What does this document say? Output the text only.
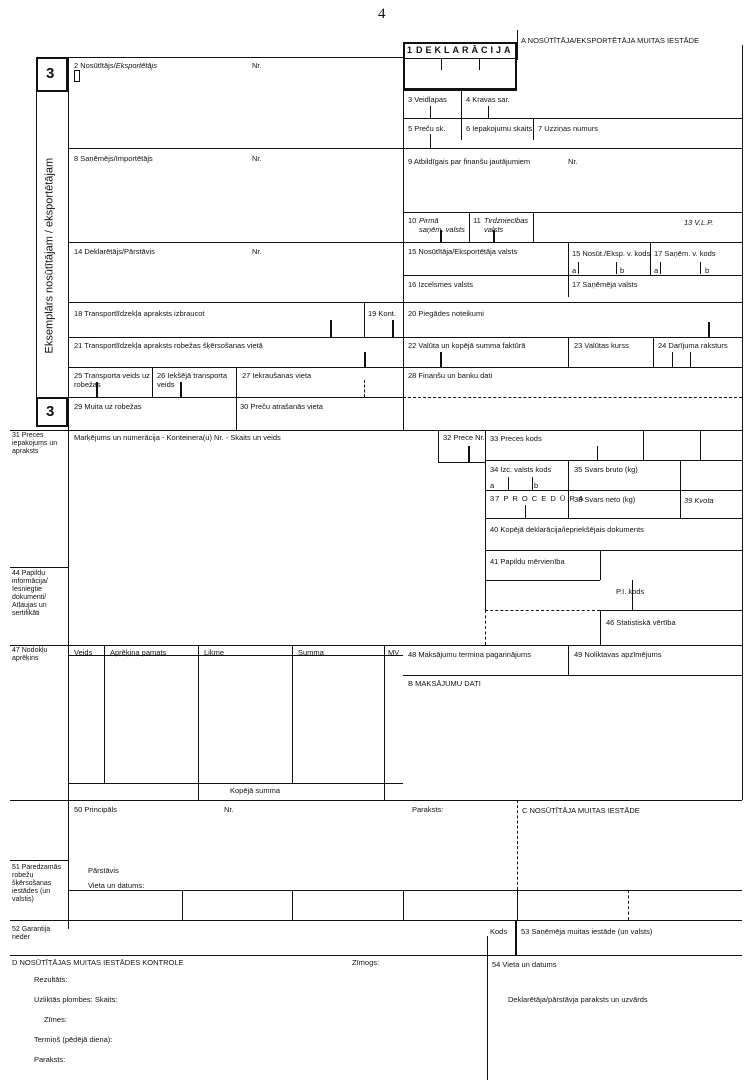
4
3
3
Eksemplārs nosūtītājam / eksportētājam
1 DEKLARĀCIJA
A NOSŪTĪTĀJA/EKSPORTĒTĀJA MUITAS IESTĀDE
2 Nosūtītājs/Eksportētājs	Nr.
3 Veidlapas	4 Kravas sar.
5 Preču sk.	6 Iepakojumu skaits 7 Uzziņas numurs
8 Saņēmējs/Importētājs	Nr.	9 Atbildīgais par finanšu jautājumiem	Nr.
10 Pirmā saņēm. valsts
11 Tirdzniecības valsts
13 V.L.P.
14 Deklarētājs/Pārstāvis	Nr.	15 Nosūtītāja/Eksportētāja valsts	15 Nosūt./Eksp. v. kods 17 Saņēm. v. kods
a	b	a	b
16 Izcelsmes valsts	17 Saņēmēja valsts
18 Transportlīdzekļa apraksts izbraucot	19 Kont. 20 Piegādes noteikumi
21 Transportlīdzekļa apraksts robežas šķērsošanas vietā	22 Valūta un kopējā summa faktūrā	23 Valūtas kurss	24 Darījuma raksturs
25 Transporta veids uz robežas
26 Iekšējā transporta veids
27 Iekraušanas vieta	28 Finanšu un banku dati
29 Muita uz robežas	30 Preču atrašanās vieta
31 Preces iepakojums un apraksts
Marķējums un numerācija - Konteinera(u) Nr. - Skaits un veids	32 Prece Nr. 33 Preces kods
34 Izc. valsts kods
a	b
35 Svars bruto (kg)
37 P R O C E D Ū R A
38 Svars neto (kg)	39 Kvota
40 Kopējā deklarācija/iepriekšējais dokuments
41 Papildu mērvienība
44 Papildu informācija/ Iesniegtie dokumenti/ Atļaujas un sertifikāti
P.I. kods
46 Statistiskā vērtība
47 Nodokļu aprēķins
Veids Aprēķina pamats	Likme	Summa	MV
Kopējā summa
48 Maksājumu termiņa pagarinājums	49 Noliktavas apzīmējums
B MAKSĀJUMU DATI
50 Principāls	Nr.	Paraksts:	C NOSŪTĪTĀJA MUITAS IESTĀDE
Pārstāvis
Vieta un datums:
51 Paredzamās robežu šķērsošanas iestādes (un valstis)
52 Garantija neder
Kods 53 Saņēmēja muitas iestāde (un valsts)
D NOSŪTĪTĀJAS MUITAS IESTĀDES KONTROLE	Zīmogs:	54 Vieta un datums
Rezultāts:
Uzliktās plombes: Skaits:
Zīmes:
Termiņš (pēdējā diena):
Paraksts:
Deklarētāja/pārstāvja paraksts un uzvārds
